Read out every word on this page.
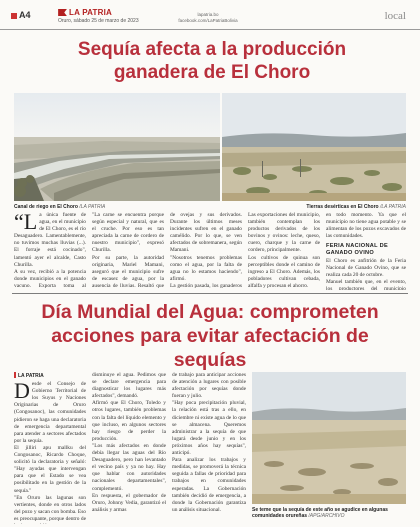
A4	LA PATRIA
Oruro, sábado 25 de marzo de 2023
lapatria.bo
facebook.com/LaPatriaBolivia	local
Sequía afecta a la producción ganadera de El Choro
Canal de riego en El Choro /LA PATRIA	Tierras desérticas en El Choro /LA PATRIA

“La única fuente de agua, en el municipio de El Choro, es el río Desaguadero. Lamentablemente, no tuvimos muchas lluvias (...). El forraje está cocinado", lamentó ayer el alcalde, Casto Churilla.

A su vez, recibió a la potencia donde municipios en el ganado vacuno. Exporta toma al

"La carne se encuentra porque según especial y natural, que es el cruche. Por eso es tan apreciada la carne de cordero de nuestro municipio", expresó Churilla.

Por su parte, la autoridad originaria, Mariel Mamani, aseguró que el municipio sufre de escasez de agua, por la ausencia de lluvias. Resaltó que

de ovejas y sus derivados. Durante los últimos meses incidentes sufren en el ganado camélido. Por lo que, se ven afectados de sobremanera, según Mamani.

"Nosotros tenemos problemas como el agua, por la falta de agua no lo estamos haciendo", afirmó.

La gestión pasada, los ganaderos

Las exportaciones del municipio, también contemplan los productos derivados de los bovinos y ovinos: leche, queso, cuero, charque y la carne de cordero, principalmente.

Los cultivos de quinua son perceptibles donde el camino de ingreso a El Choro. Además, los pobladores cultivan cebada, alfalfa y procesan el ahorro.

en todo momento. Ya que el municipio no tiene agua potable y se alimentan de los pozos excavados de las comunidades.

FERIA NACIONAL DE GANADO OVINO

El Choro es anfitrión de la Feria Nacional de Ganado Ovino, que se realiza cada 20 de octubre.

Manuel también que, en el evento, los productores del municipio

Día Mundial del Agua: comprometen acciones para evitar afectación de sequías
LA PATRIA

Desde el Consejo de Gobierno Territorial de los Suyus y Naciones Originarias de Oruro (Congosanoc), las comunidades pidieron se haga una declaratoria de emergencia departamental para atender a sectores afectados por la sequía.

El jilliri apu mallku del Congosanoc, Ricardo Choque, solicitó la declaratoria y señaló: "Hay ayudas que intervengan para que el Estado se vea posibilitado en la gestión de la sequía."

"En Oruro las lagunas son vertientes, donde en otros lados del pozo y sacan con bomba. Eso es preocupante, porque dentro de

disminuye el agua. Pedimos que se declare emergencia para diagnosticar los lugares más afectados", demandó.

Afirmó que El Choro, Toledo y otros lugares, también problemas con la falta del líquido elemento y que incluso, en algunos sectores hay riesgo de perder la producción.

"Los más afectados en donde debía llegar las aguas del Río Desaguadero, pero han levantado el vecino país y ya no hay. Hay que hablar con autoridades nacionales departamentales", complementó.

En respuesta, el gobernador de Oruro, Johnny Vedia, garantizó el análisis y armas

de trabajo para anticipar acciones de atención a lugares con posible afectación por sequías donde fueran y julio.

"Hay poca precipitación pluvial, la relación está tras a ello, en diciembre ni existe agua de lo que se almacena. Queremos administrar a la sequía de que lugará desde junio y en los próximos años hay sequías", anticipó.

Para analizar los trabajos y medidas, se promoverá la técnica seguida a fallas de prioridad para trabajos en comunidades esperadas. La Gobernación también decidió de emergencia, a donde la Gobernación garantiza un análisis situacional.	Se teme que la sequía de este año se agudice en algunas comunidades orureñas /APG/ARCHIVO
